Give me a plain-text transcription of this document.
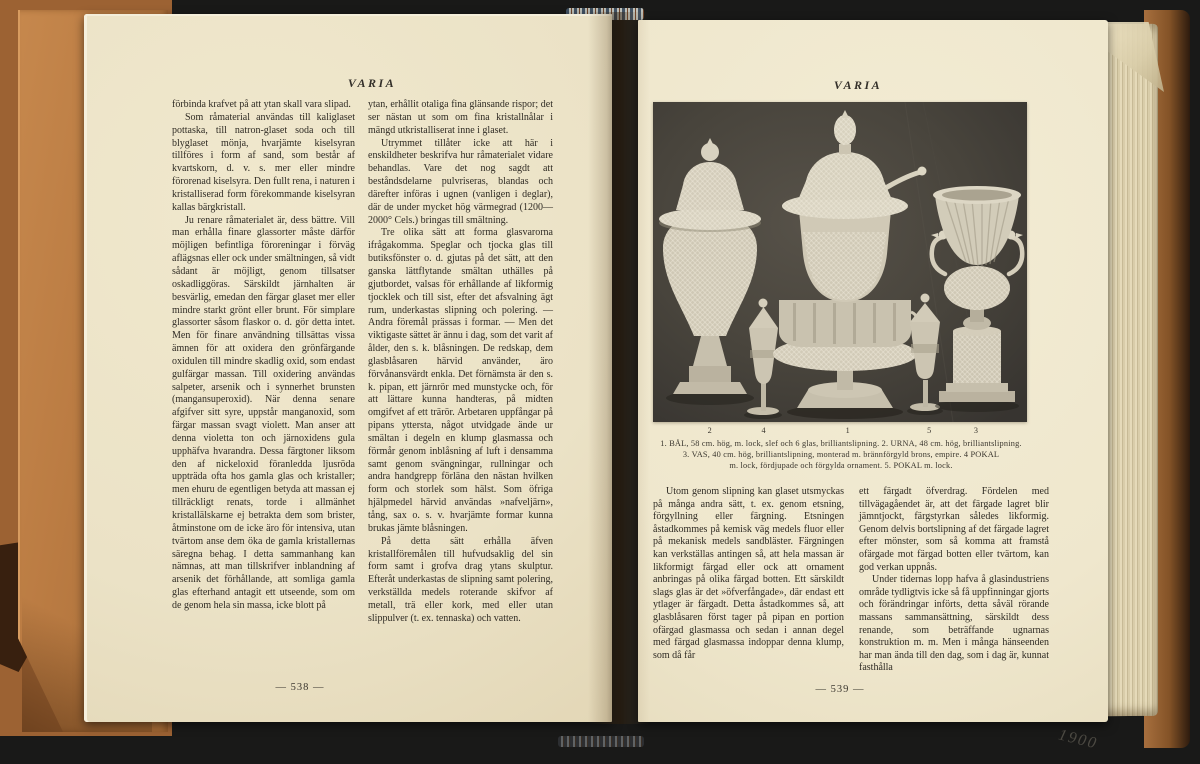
VARIA

förbinda krafvet på att ytan skall vara slipad.

Som råmaterial användas till kaliglaset pottaska, till natron-glaset soda och till blyglaset mönja, hvarjämte kiselsyran tillföres i form af sand, som består af kvartskorn, d. v. s. mer eller mindre förorenad kiselsyra. Den fullt rena, i naturen i kristalliserad form förekommande kiselsyran kallas bärgkristall.

Ju renare råmaterialet är, dess bättre. Vill man erhålla finare glassorter måste därför möjligen befintliga föroreningar i förväg aflägsnas eller ock under smältningen, så vidt sådant är möjligt, genom tillsatser oskadliggöras. Särskildt järnhalten är besvärlig, emedan den färgar glaset mer eller mindre starkt grönt eller brunt. För simplare glassorter såsom flaskor o. d. gör detta intet. Men för finare användning tillsättas vissa ämnen för att oxidera den grönfärgande oxidulen till mindre skadlig oxid, som endast gulfärgar massan. Till oxidering användas salpeter, arsenik och i synnerhet brunsten (mangansuperoxid). När denna senare afgifver sitt syre, uppstår manganoxid, som färgar massan svagt violett. Man anser att denna violetta ton och järnoxidens gula upphäfva hvarandra. Dessa färgtoner liksom den af nickeloxid föranledda ljusröda uppträda ofta hos gamla glas och kristaller; men ehuru de egentligen betyda att massan ej tillräckligt renats, torde i allmänhet kristallälskarne ej betrakta dem som brister, åtminstone om de icke äro för intensiva, utan tvärtom anse dem öka de gamla kristallernas säregna behag. I detta sammanhang kan nämnas, att man tillskrifver inblandning af arsenik det förhållande, att somliga gamla glas efterhand antagit ett utseende, som om de genom hela sin massa, icke blott på

ytan, erhållit otaliga fina glänsande rispor; det ser nästan ut som om fina kristallnålar i mängd utkristalliserat inne i glaset.

Utrymmet tillåter icke att här i enskildheter beskrifva hur råmaterialet vidare behandlas. Vare det nog sagdt att beståndsdelarne pulvriseras, blandas och därefter införas i ugnen (vanligen i deglar), där de under mycket hög värmegrad (1200—2000° Cels.) bringas till smältning.

Tre olika sätt att forma glasvarorna ifrågakomma. Speglar och tjocka glas till butiksfönster o. d. gjutas på det sätt, att den ganska lättflytande smältan uthälles på gjutbordet, valsas för erhållande af likformig tjocklek och till sist, efter det afsvalning ägt rum, underkastas slipning och polering. — Andra föremål prässas i formar. — Men det viktigaste sättet är ännu i dag, som det varit af ålder, den s. k. blåsningen. De redskap, dem glasblåsaren härvid använder, äro förvånansvärdt enkla. Det förnämsta är den s. k. pipan, ett järnrör med munstycke och, för att lättare kunna handteras, på midten omgifvet af ett trärör. Arbetaren uppfångar på pipans yttersta, något utvidgade ände ur smältan i degeln en klump glasmassa och förmår genom inblåsning af luft i densamma samt genom svängningar, rullningar och andra handgrepp förläna den nästan hvilken form och storlek som hälst. Som öfriga hjälpmedel härvid användas »nafveljärn», tång, sax o. s. v. hvarjämte formar kunna brukas jämte blåsningen.

På detta sätt erhålla äfven kristallföremålen till hufvudsaklig del sin form samt i grofva drag ytans skulptur. Efteråt underkastas de slipning samt polering, verkställda medels roterande skifvor af metall, trä eller kork, med eller utan slippulver (t. ex. tennaska) och vatten.

— 538 —
VARIA
2	4	1	5	3
1. BÅL, 58 cm. hög, m. lock, slef och 6 glas, brilliantslipning. 2. URNA, 48 cm. hög, brilliantslipning.
3. VAS, 40 cm. hög, brilliantslipning, monterad m. brännförgyld brons, empire. 4 POKAL
m. lock, fördjupade och förgylda ornament. 5. POKAL m. lock.

Utom genom slipning kan glaset utsmyckas på många andra sätt, t. ex. genom etsning, förgyllning eller färgning. Etsningen åstadkommes på kemisk väg medels fluor eller på mekanisk medels sandbläster. Färgningen kan verkställas antingen så, att hela massan är likformigt färgad eller ock att ornament anbringas på olika färgad botten. Ett särskildt slags glas är det »öfverfångade», där endast ett ytlager är färgadt. Detta åstadkommes så, att glasblåsaren först tager på pipan en portion ofärgad glasmassa och sedan i annan degel med färgad glasmassa indoppar denna klump, som då får

ett färgadt öfverdrag. Fördelen med tillvägagåendet är, att det färgade lagret blir jämntjockt, färgstyrkan således likformig. Genom delvis bortslipning af det färgade lagret efter mönster, som så komma att framstå ofärgade mot färgad botten eller tvärtom, kan god verkan uppnås.

Under tidernas lopp hafva å glasindustriens område tydligtvis icke så få uppfinningar gjorts och förändringar införts, detta såväl rörande massans sammansättning, särskildt dess renande, som beträffande ugnarnas konstruktion m. m. Men i många hänseenden har man ända till den dag, som i dag är, kunnat fasthålla

— 539 —
1900
